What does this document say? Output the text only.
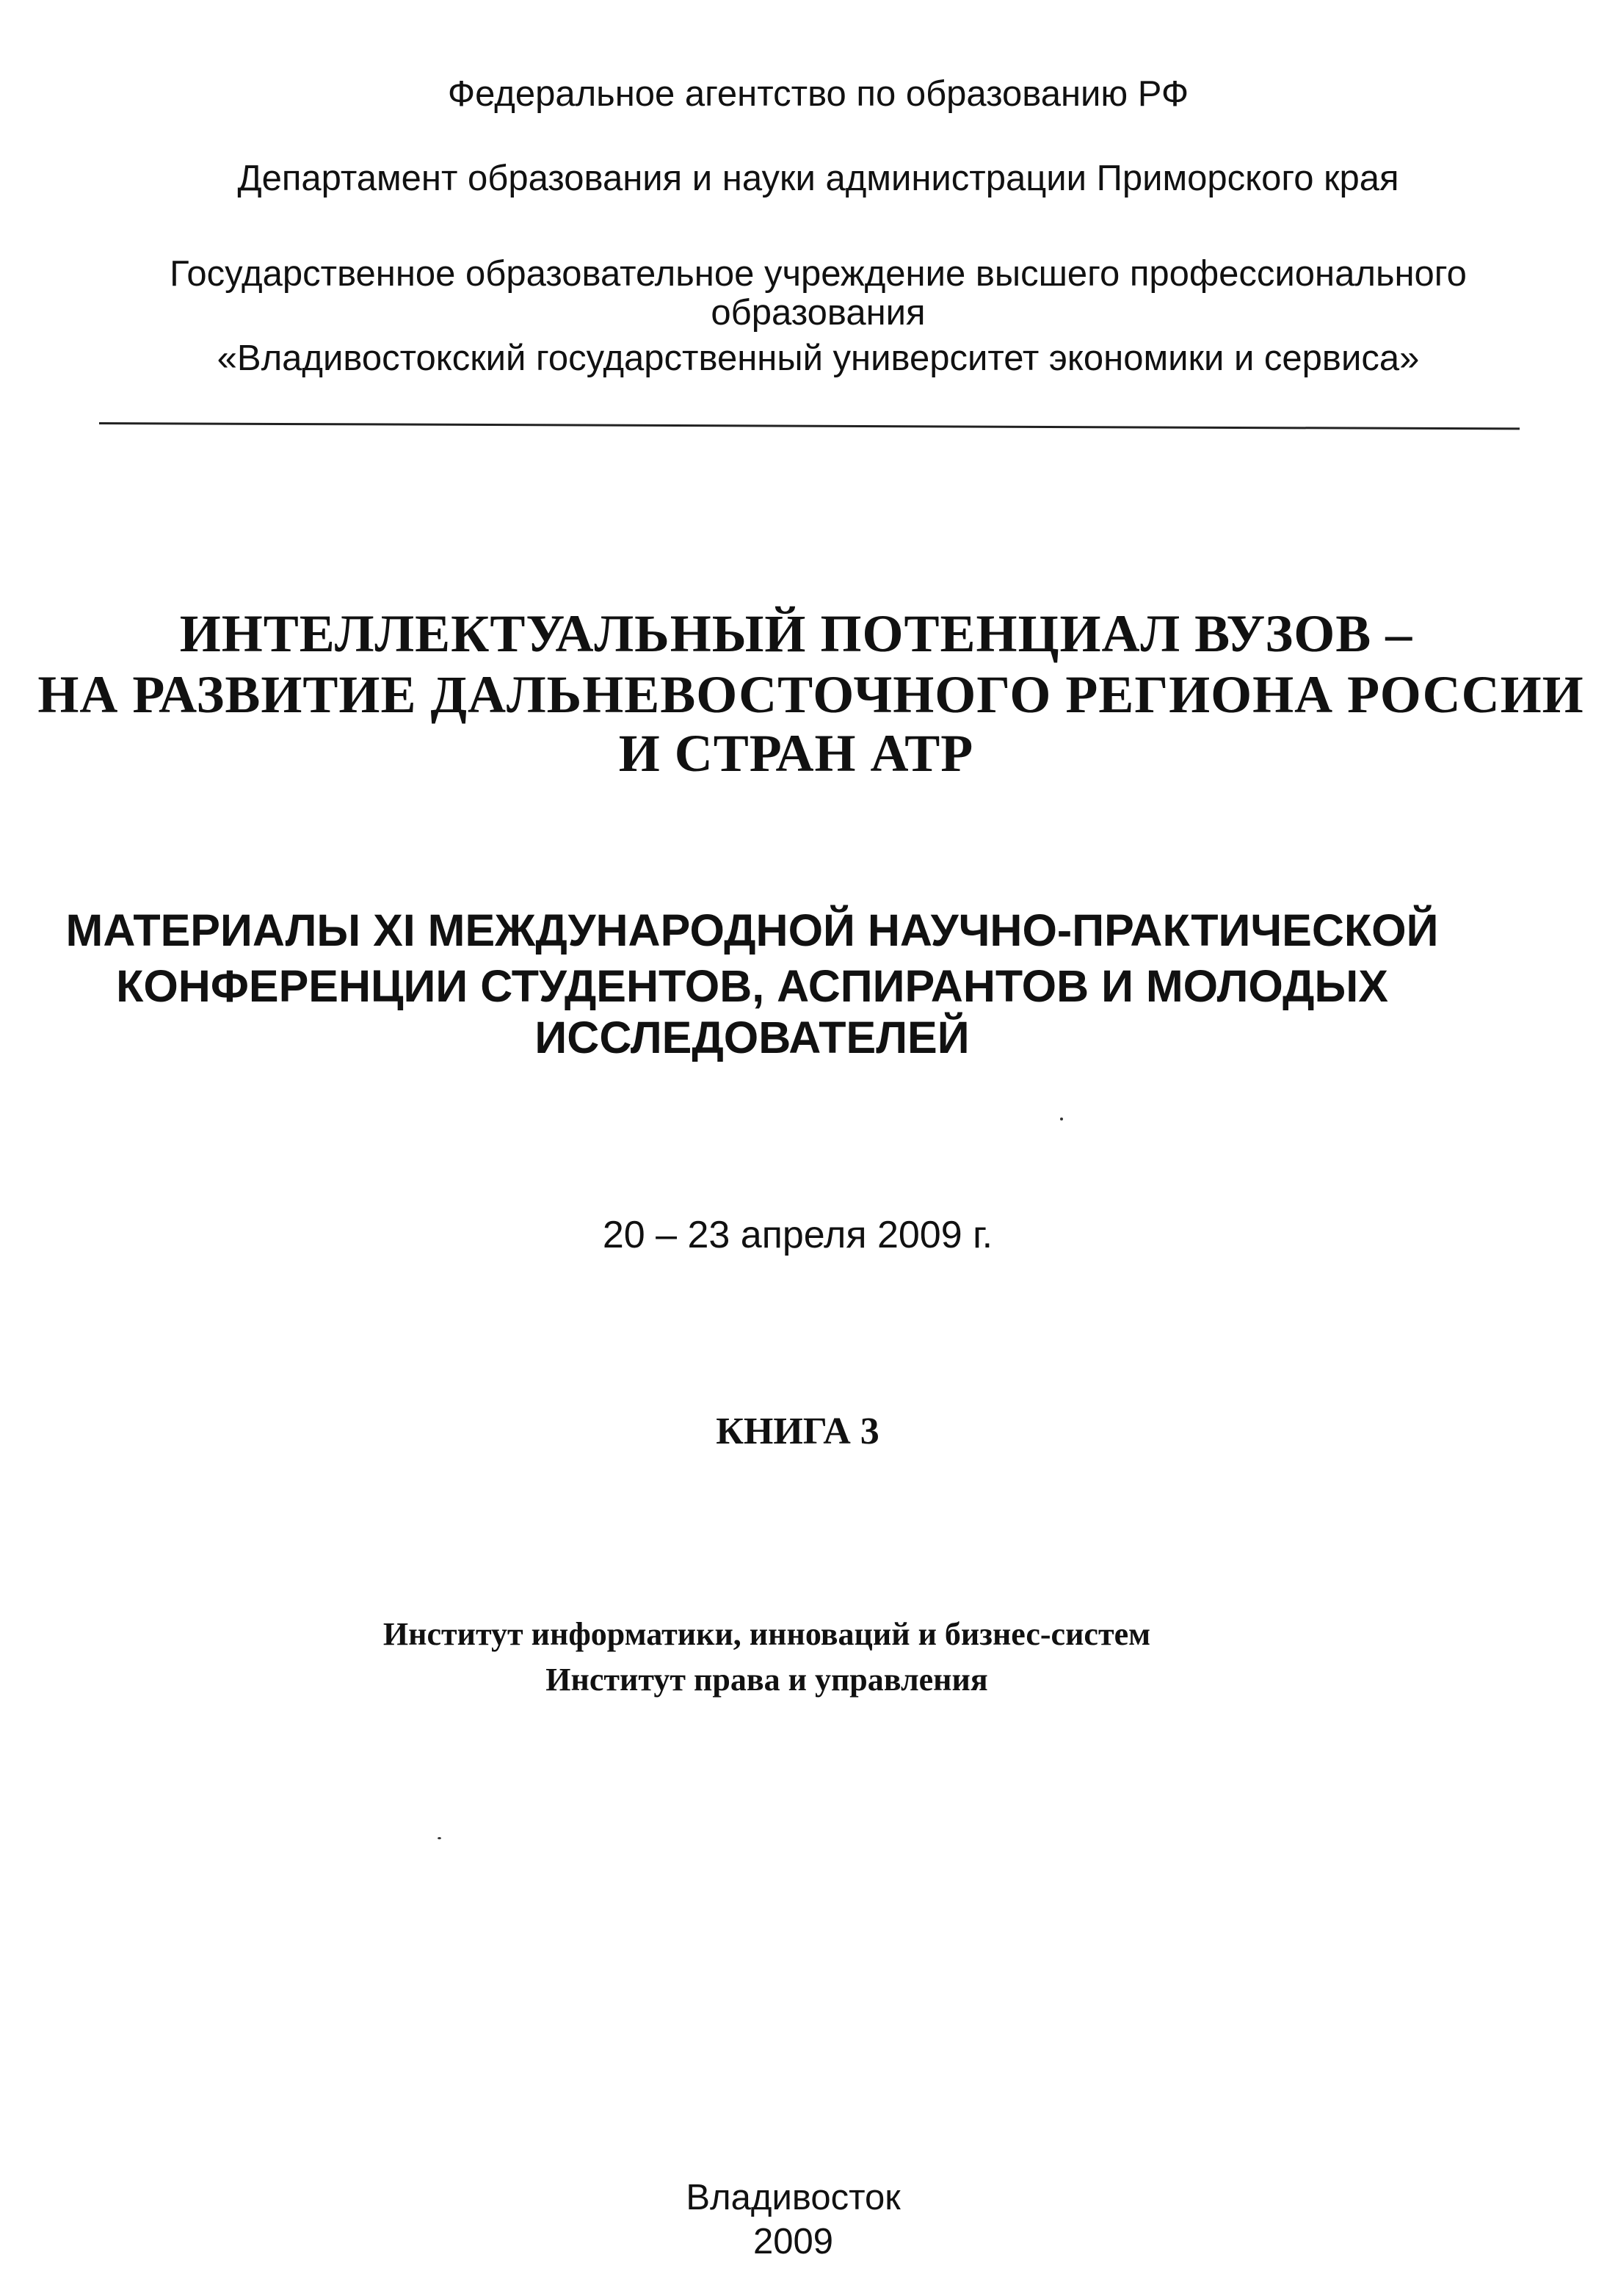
Федеральное агентство по образованию РФ
Департамент образования и науки администрации Приморского края
Государственное образовательное учреждение высшего профессионального
образования
«Владивостокский государственный университет экономики и сервиса»
ИНТЕЛЛЕКТУАЛЬНЫЙ ПОТЕНЦИАЛ ВУЗОВ –
НА РАЗВИТИЕ ДАЛЬНЕВОСТОЧНОГО РЕГИОНА РОССИИ
И СТРАН АТР
МАТЕРИАЛЫ XI МЕЖДУНАРОДНОЙ НАУЧНО-ПРАКТИЧЕСКОЙ
КОНФЕРЕНЦИИ СТУДЕНТОВ, АСПИРАНТОВ И МОЛОДЫХ
ИССЛЕДОВАТЕЛЕЙ
20 – 23 апреля 2009 г.
КНИГА 3
Институт информатики, инноваций и бизнес-систем
Институт права и управления
Владивосток
2009
